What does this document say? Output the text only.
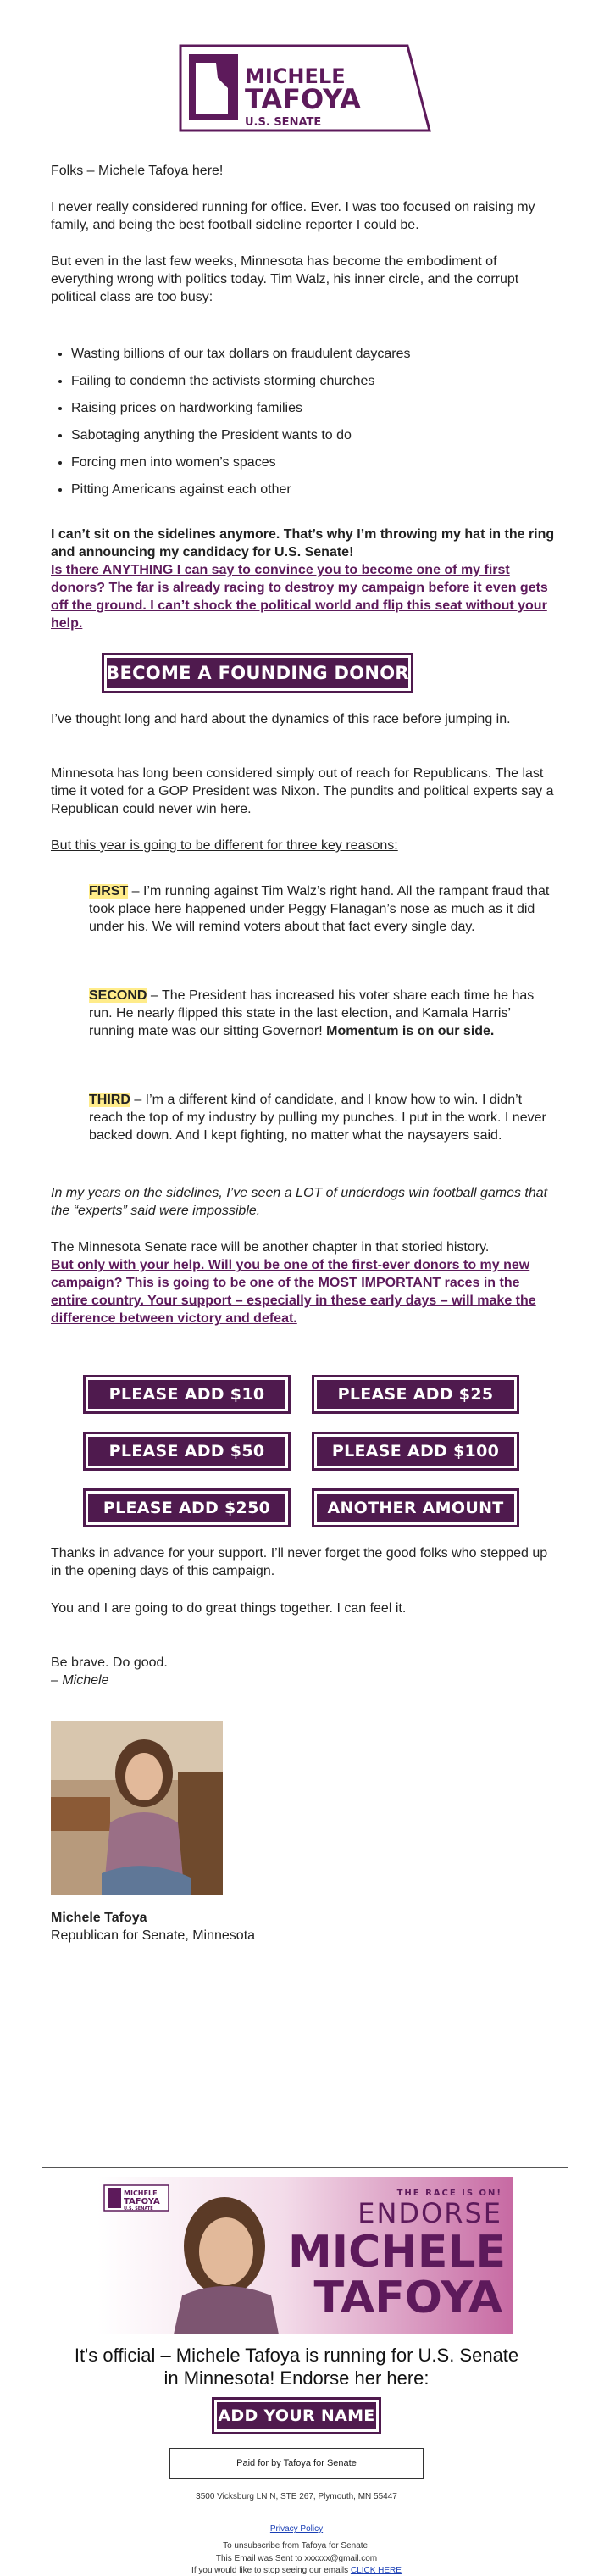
MICHELE
TAFOYA
U.S. SENATE

Folks – Michele Tafoya here!

I never really considered running for office. Ever. I was too focused on raising my family, and being the best football sideline reporter I could be.

But even in the last few weeks, Minnesota has become the embodiment of everything wrong with politics today. Tim Walz, his inner circle, and the corrupt political class are too busy:

• Wasting billions of our tax dollars on fraudulent daycares
• Failing to condemn the activists storming churches
• Raising prices on hardworking families
• Sabotaging anything the President wants to do
• Forcing men into women’s spaces
• Pitting Americans against each other
I can’t sit on the sidelines anymore. That’s why I’m throwing my hat in the ring and announcing my candidacy for U.S. Senate!
Is there ANYTHING I can say to convince you to become one of my first donors? The far is already racing to destroy my campaign before it even gets off the ground. I can’t shock the political world and flip this seat without your help.
BECOME A FOUNDING DONOR

I’ve thought long and hard about the dynamics of this race before jumping in.

Minnesota has long been considered simply out of reach for Republicans. The last time it voted for a GOP President was Nixon. The pundits and political experts say a Republican could never win here.

But this year is going to be different for three key reasons:

FIRST – I’m running against Tim Walz’s right hand. All the rampant fraud that took place here happened under Peggy Flanagan’s nose as much as it did under his. We will remind voters about that fact every single day.

SECOND – The President has increased his voter share each time he has run. He nearly flipped this state in the last election, and Kamala Harris’ running mate was our sitting Governor! Momentum is on our side.

THIRD – I’m a different kind of candidate, and I know how to win. I didn’t reach the top of my industry by pulling my punches. I put in the work. I never backed down. And I kept fighting, no matter what the naysayers said.

In my years on the sidelines, I’ve seen a LOT of underdogs win football games that the “experts” said were impossible.

The Minnesota Senate race will be another chapter in that storied history.
But only with your help. Will you be one of the first-ever donors to my new campaign? This is going to be one of the MOST IMPORTANT races in the entire country. Your support – especially in these early days – will make the difference between victory and defeat.
PLEASE ADD $10	PLEASE ADD $25
PLEASE ADD $50	PLEASE ADD $100
PLEASE ADD $250	ANOTHER AMOUNT

Thanks in advance for your support. I’ll never forget the good folks who stepped up in the opening days of this campaign.

You and I are going to do great things together. I can feel it.

Be brave. Do good.

– Michele

Michele Tafoya

Republican for Senate, Minnesota

MICHELE
TAFOYA
U.S. SENATE
THE RACE IS ON!
ENDORSE
MICHELE
TAFOYA

It's official – Michele Tafoya is running for U.S. Senate in Minnesota! Endorse her here:

ADD YOUR NAME
Paid for by Tafoya for Senate

3500 Vicksburg LN N, STE 267, Plymouth, MN 55447

Privacy Policy

To unsubscribe from Tafoya for Senate,

This Email was Sent to xxxxxx@gmail.com

If you would like to stop seeing our emails CLICK HERE
